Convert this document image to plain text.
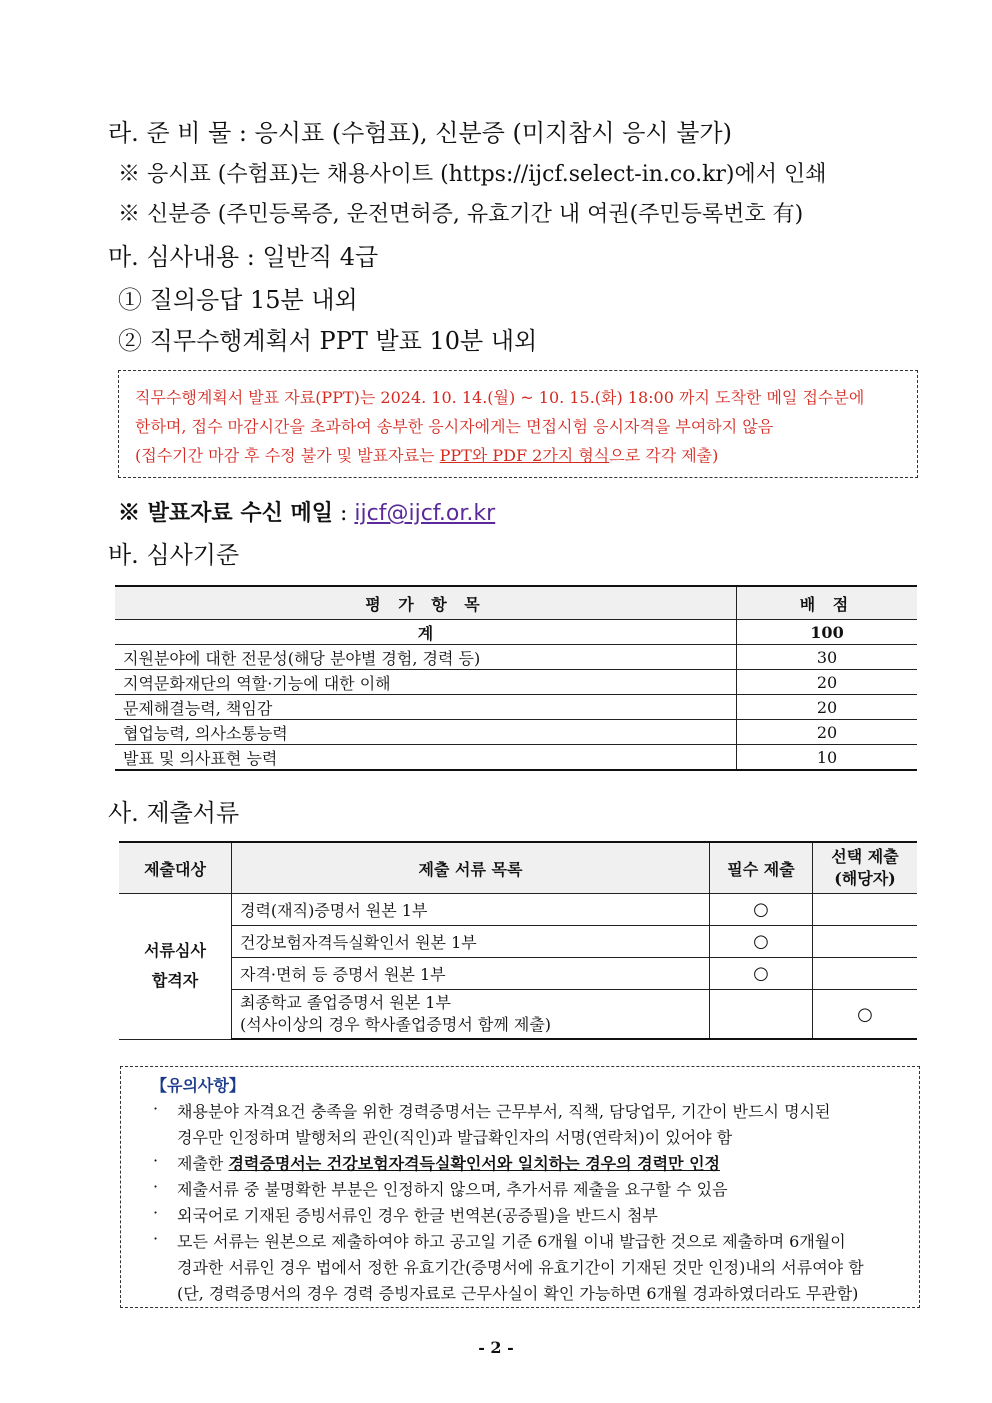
라. 준 비 물 : 응시표 (수험표), 신분증 (미지참시 응시 불가)
※ 응시표 (수험표)는 채용사이트 (https://ijcf.select-in.co.kr)에서 인쇄
※ 신분증 (주민등록증, 운전면허증, 유효기간 내 여권(주민등록번호 有)
마. 심사내용 : 일반직 4급
① 질의응답 15분 내외
② 직무수행계획서 PPT 발표 10분 내외
직무수행계획서 발표 자료(PPT)는 2024. 10. 14.(월) ~ 10. 15.(화) 18:00 까지 도착한 메일 접수분에
한하며, 접수 마감시간을 초과하여 송부한 응시자에게는 면접시험 응시자격을 부여하지 않음
(접수기간 마감 후 수정 불가 및 발표자료는 PPT와 PDF 2가지 형식으로 각각 제출)
※ 발표자료 수신 메일 : ijcf@ijcf.or.kr
바. 심사기준
평 가 항 목	배 점
계	100
지원분야에 대한 전문성(해당 분야별 경험, 경력 등)	30
지역문화재단의 역할·기능에 대한 이해	20
문제해결능력, 책임감	20
협업능력, 의사소통능력	20
발표 및 의사표현 능력	10
사. 제출서류
제출대상	제출 서류 목록	필수 제출	선택 제출
(해당자)
서류심사
합격자	경력(재직)증명서 원본 1부	○	
	건강보험자격득실확인서 원본 1부	○	
	자격·면허 등 증명서 원본 1부	○	
	최종학교 졸업증명서 원본 1부
(석사이상의 경우 학사졸업증명서 함께 제출)		○
【유의사항】
· 채용분야 자격요건 충족을 위한 경력증명서는 근무부서, 직책, 담당업무, 기간이 반드시 명시된
경우만 인정하며 발행처의 관인(직인)과 발급확인자의 서명(연락처)이 있어야 함
· 제출한 경력증명서는 건강보험자격득실확인서와 일치하는 경우의 경력만 인정
· 제출서류 중 불명확한 부분은 인정하지 않으며, 추가서류 제출을 요구할 수 있음
· 외국어로 기재된 증빙서류인 경우 한글 번역본(공증필)을 반드시 첨부
· 모든 서류는 원본으로 제출하여야 하고 공고일 기준 6개월 이내 발급한 것으로 제출하며 6개월이
경과한 서류인 경우 법에서 정한 유효기간(증명서에 유효기간이 기재된 것만 인정)내의 서류여야 함
(단, 경력증명서의 경우 경력 증빙자료로 근무사실이 확인 가능하면 6개월 경과하였더라도 무관함)
- 2 -
